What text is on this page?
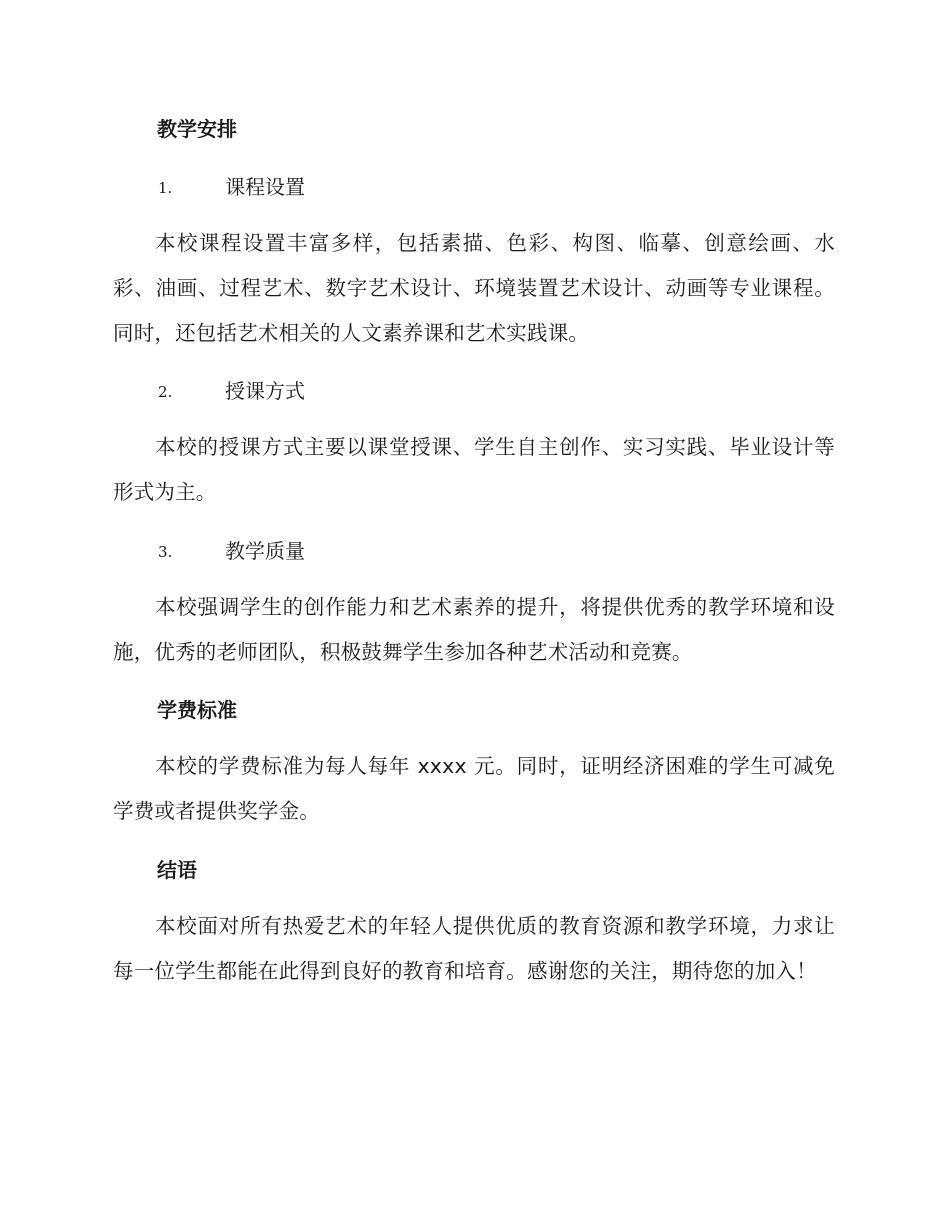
教学安排
1.	课程设置
本校课程设置丰富多样，包括素描、色彩、构图、临摹、创意绘画、水彩、油画、过程艺术、数字艺术设计、环境装置艺术设计、动画等专业课程。同时，还包括艺术相关的人文素养课和艺术实践课。
2.	授课方式
本校的授课方式主要以课堂授课、学生自主创作、实习实践、毕业设计等形式为主。
3.	教学质量
本校强调学生的创作能力和艺术素养的提升，将提供优秀的教学环境和设施，优秀的老师团队，积极鼓舞学生参加各种艺术活动和竞赛。
学费标准
本校的学费标准为每人每年 xxxx 元。同时，证明经济困难的学生可减免学费或者提供奖学金。
结语
本校面对所有热爱艺术的年轻人提供优质的教育资源和教学环境，力求让每一位学生都能在此得到良好的教育和培育。感谢您的关注，期待您的加入！
